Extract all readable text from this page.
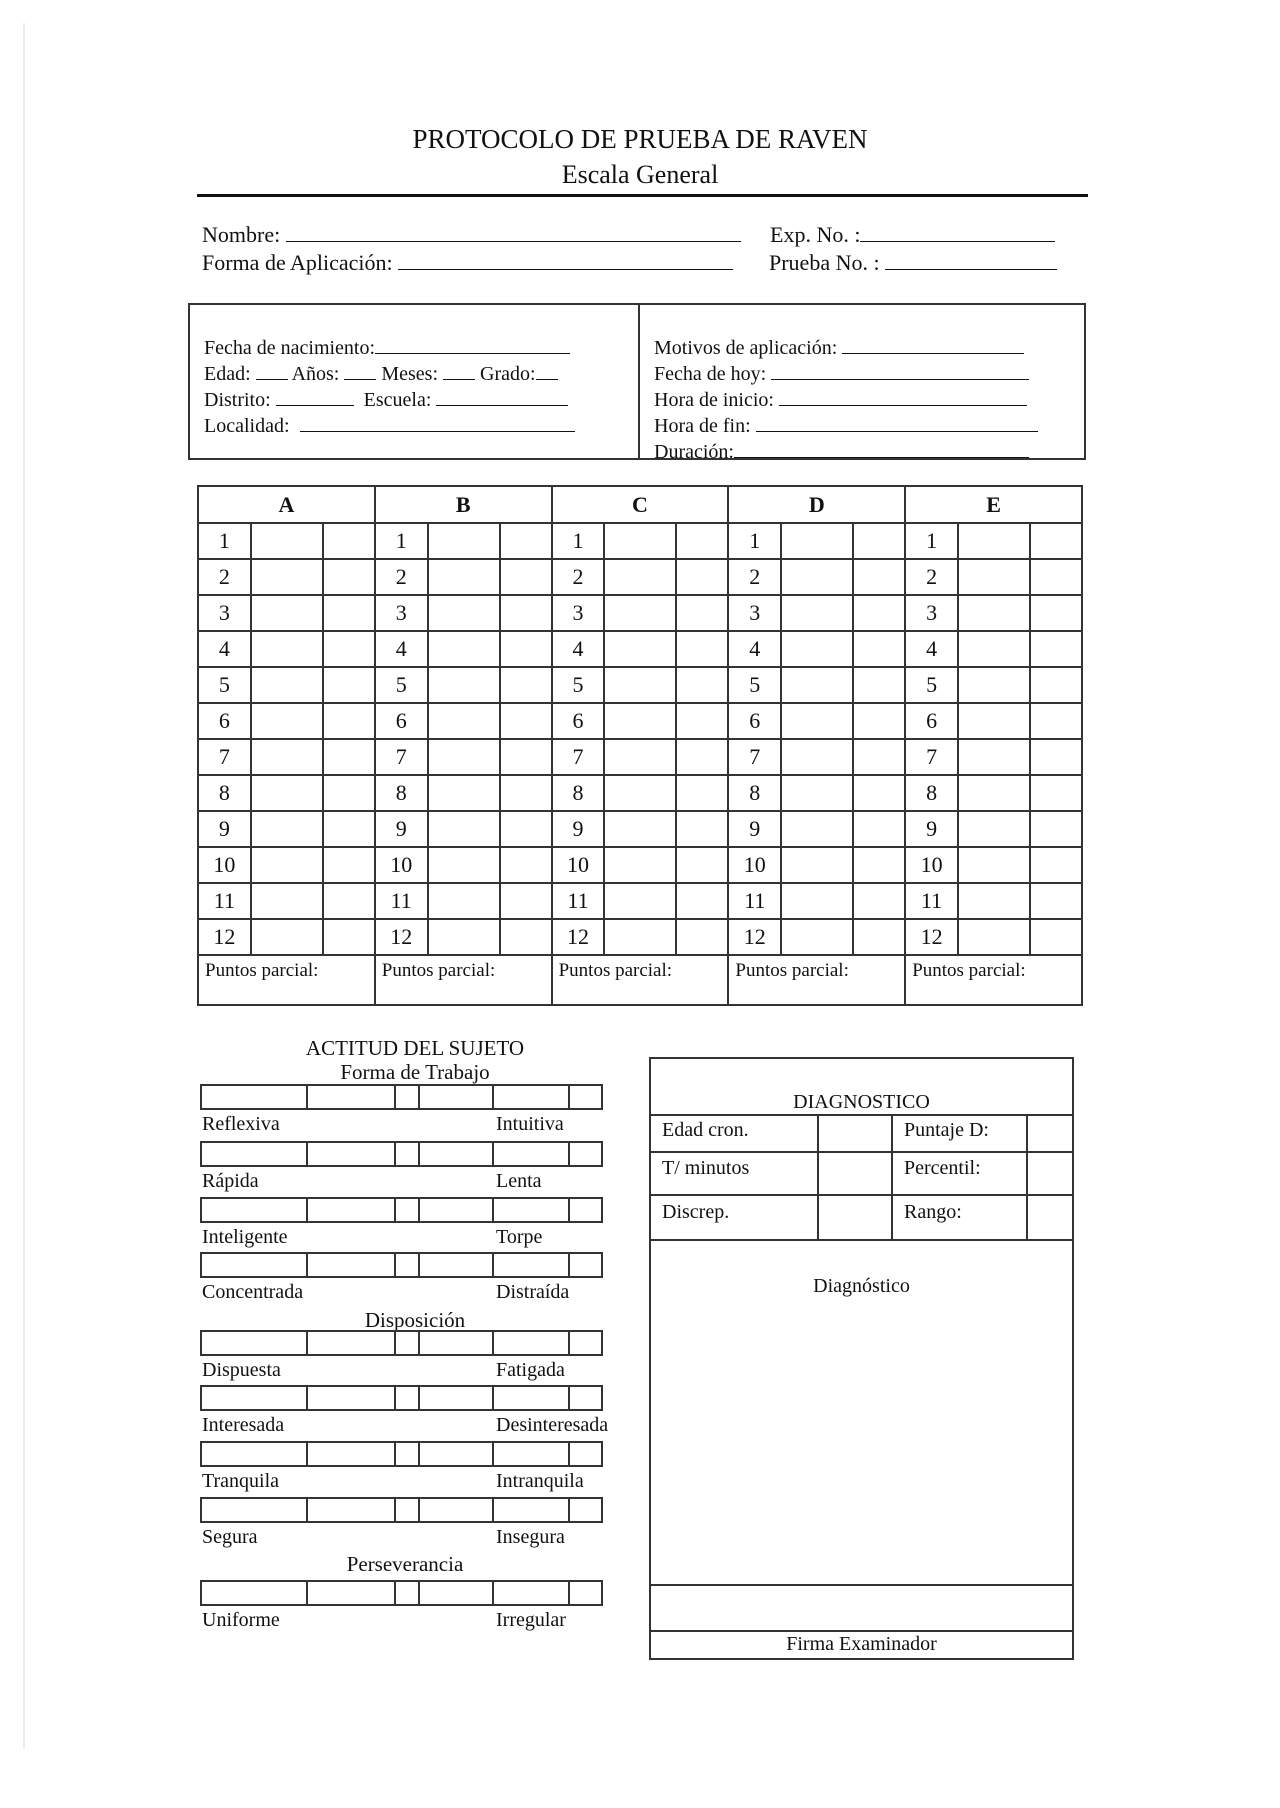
PROTOCOLO DE PRUEBA DE RAVEN
Escala General
Nombre:	Exp. No. :
Forma de Aplicación:	Prueba No. :
Fecha de nacimiento:
Edad: Años: Meses: Grado:
Distrito:	Escuela:
Localidad:
Motivos de aplicación:
Fecha de hoy:
Hora de inicio:
Hora de fin:
Duración:
A			B			C			D			E		
1			1			1			1			1		
2			2			2			2			2		
3			3			3			3			3		
4			4			4			4			4		
5			5			5			5			5		
6			6			6			6			6		
7			7			7			7			7		
8			8			8			8			8		
9			9			9			9			9		
10			10			10			10			10		
11			11			11			11			11		
12			12			12			12			12		
Puntos parcial:			Puntos parcial:			Puntos parcial:			Puntos parcial:			Puntos parcial:		
ACTITUD DEL SUJETO
Forma de Trabajo
Disposición
Perseverancia
Reflexiva	Intuitiva
Rápida	Lenta
Inteligente	Torpe
Concentrada	Distraída
Dispuesta	Fatigada
Interesada	Desinteresada
Tranquila	Intranquila
Segura	Insegura
Uniforme	Irregular
DIAGNOSTICO
Edad cron.	Puntaje D:
T/ minutos	Percentil:
Discrep.	Rango:
Diagnóstico
Firma Examinador
